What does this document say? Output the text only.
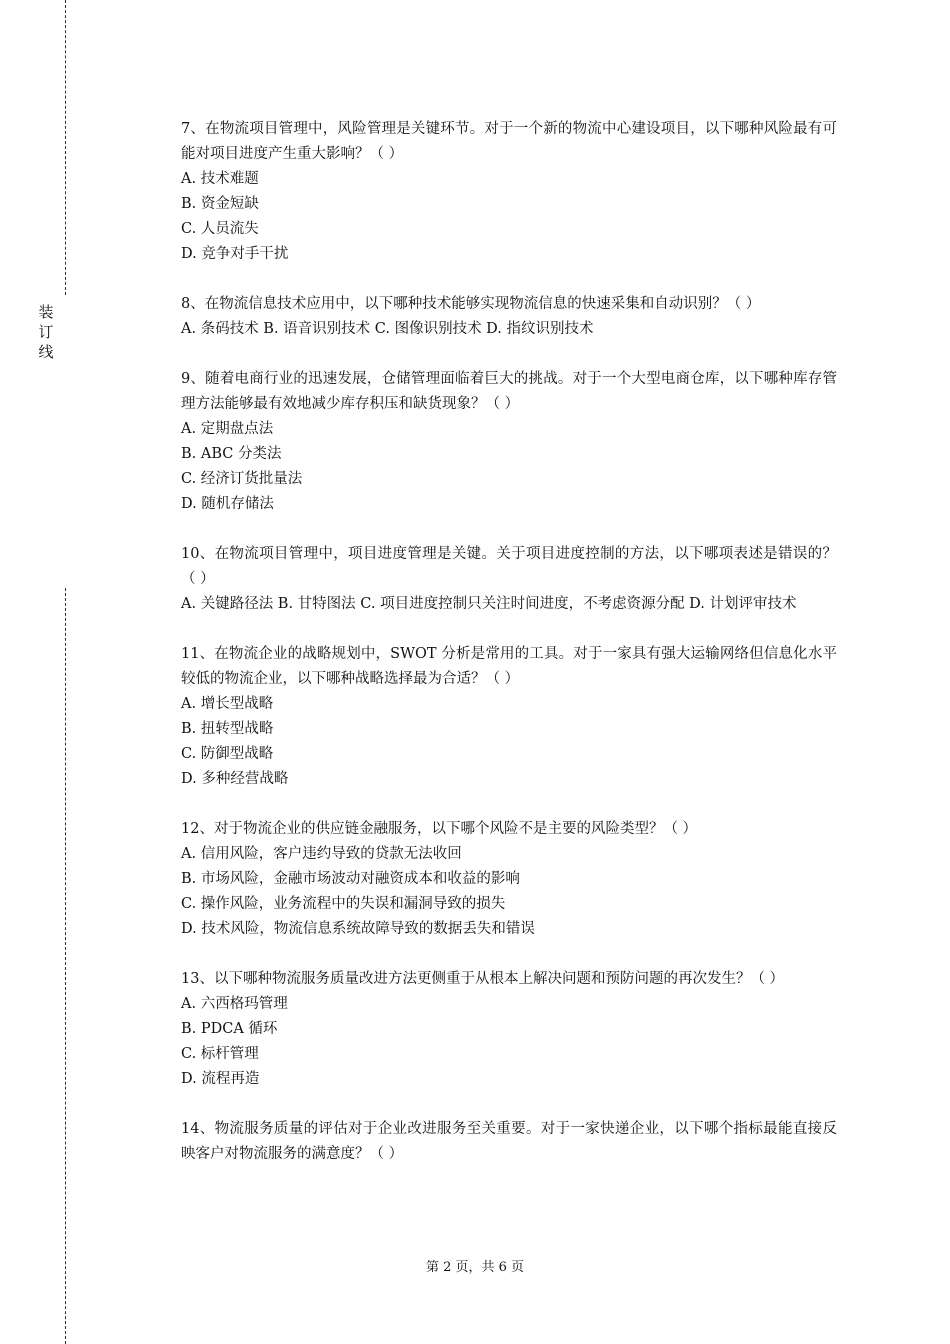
装
订
线
7、在物流项目管理中，风险管理是关键环节。对于一个新的物流中心建设项目，以下哪种风险最有可能对项目进度产生重大影响？（ ）
A. 技术难题
B. 资金短缺
C. 人员流失
D. 竞争对手干扰
8、在物流信息技术应用中，以下哪种技术能够实现物流信息的快速采集和自动识别？（ ）
A. 条码技术 B. 语音识别技术 C. 图像识别技术 D. 指纹识别技术
9、随着电商行业的迅速发展，仓储管理面临着巨大的挑战。对于一个大型电商仓库，以下哪种库存管理方法能够最有效地减少库存积压和缺货现象？（ ）
A. 定期盘点法
B. ABC 分类法
C. 经济订货批量法
D. 随机存储法
10、在物流项目管理中，项目进度管理是关键。关于项目进度控制的方法，以下哪项表述是错误的？（ ）
A. 关键路径法 B. 甘特图法 C. 项目进度控制只关注时间进度，不考虑资源分配 D. 计划评审技术
11、在物流企业的战略规划中，SWOT 分析是常用的工具。对于一家具有强大运输网络但信息化水平较低的物流企业，以下哪种战略选择最为合适？（ ）
A. 增长型战略
B. 扭转型战略
C. 防御型战略
D. 多种经营战略
12、对于物流企业的供应链金融服务，以下哪个风险不是主要的风险类型？（ ）
A. 信用风险，客户违约导致的贷款无法收回
B. 市场风险，金融市场波动对融资成本和收益的影响
C. 操作风险，业务流程中的失误和漏洞导致的损失
D. 技术风险，物流信息系统故障导致的数据丢失和错误
13、以下哪种物流服务质量改进方法更侧重于从根本上解决问题和预防问题的再次发生？（ ）
A. 六西格玛管理
B. PDCA 循环
C. 标杆管理
D. 流程再造
14、物流服务质量的评估对于企业改进服务至关重要。对于一家快递企业，以下哪个指标最能直接反映客户对物流服务的满意度？（ ）
第 2 页，共 6 页
